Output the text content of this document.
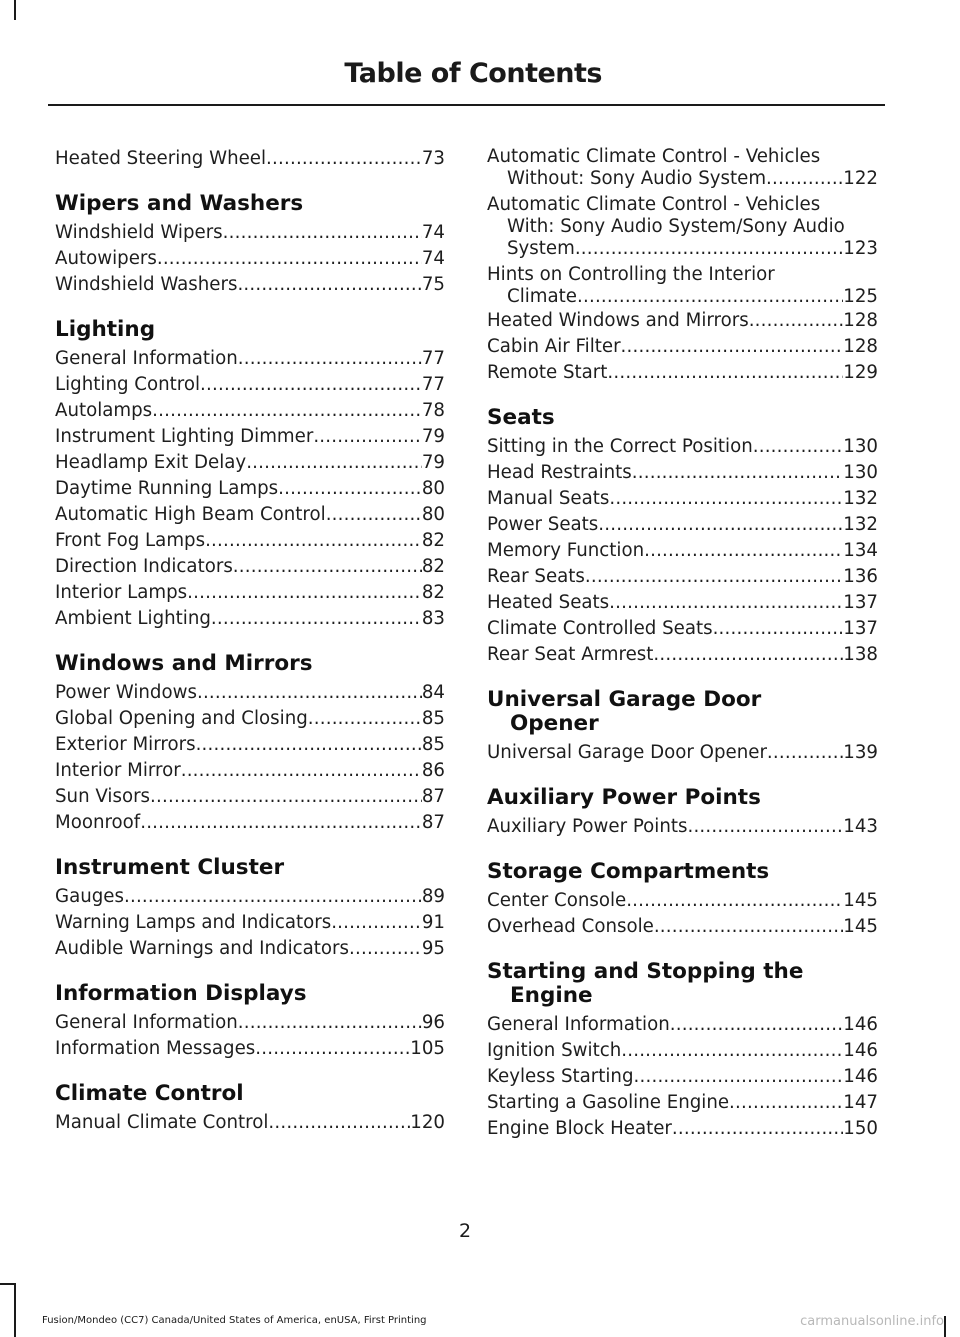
Table of Contents
Heated Steering Wheel .....	73
Wipers and Washers
Windshield Wipers .....	74
Autowipers .....	74
Windshield Washers .....	75
Lighting
General Information .....	77
Lighting Control .....	77
Autolamps .....	78
Instrument Lighting Dimmer .....	79
Headlamp Exit Delay .....	79
Daytime Running Lamps .....	80
Automatic High Beam Control .....	80
Front Fog Lamps .....	82
Direction Indicators .....	82
Interior Lamps .....	82
Ambient Lighting .....	83
Windows and Mirrors
Power Windows .....	84
Global Opening and Closing .....	85
Exterior Mirrors .....	85
Interior Mirror .....	86
Sun Visors .....	87
Moonroof .....	87
Instrument Cluster
Gauges .....	89
Warning Lamps and Indicators .....	91
Audible Warnings and Indicators .....	95
Information Displays
General Information .....	96
Information Messages .....	105
Climate Control
Manual Climate Control .....	120
Automatic Climate Control - Vehicles
Without: Sony Audio System .....	122
Automatic Climate Control - Vehicles
With: Sony Audio System/Sony Audio
System .....	123
Hints on Controlling the Interior
Climate .....	125
Heated Windows and Mirrors .....	128
Cabin Air Filter .....	128
Remote Start .....	129
Seats
Sitting in the Correct Position .....	130
Head Restraints .....	130
Manual Seats .....	132
Power Seats .....	132
Memory Function .....	134
Rear Seats .....	136
Heated Seats .....	137
Climate Controlled Seats .....	137
Rear Seat Armrest .....	138
Universal Garage Door
Opener
Universal Garage Door Opener .....	139
Auxiliary Power Points
Auxiliary Power Points .....	143
Storage Compartments
Center Console .....	145
Overhead Console .....	145
Starting and Stopping the
Engine
General Information .....	146
Ignition Switch .....	146
Keyless Starting .....	146
Starting a Gasoline Engine .....	147
Engine Block Heater .....	150
2
Fusion/Mondeo (CC7) Canada/United States of America, enUSA, First Printing	carmanualsonline.info
